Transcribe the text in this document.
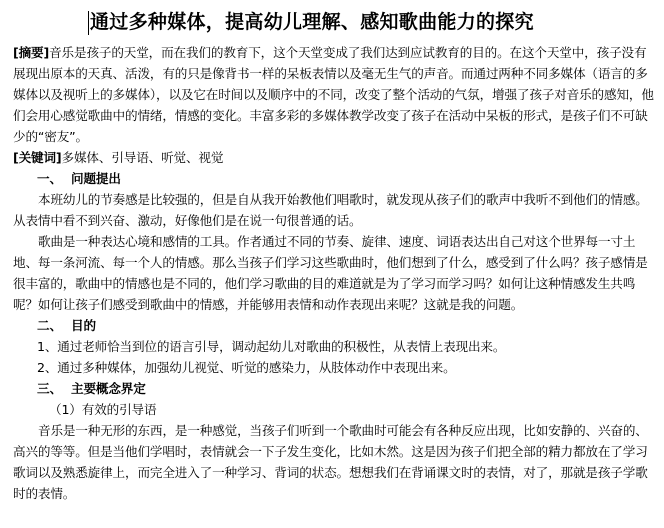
通过多种媒体，提高幼儿理解、感知歌曲能力的探究

[摘要]音乐是孩子的天堂，而在我们的教育下，这个天堂变成了我们达到应试教育的目的。在这个天堂中，孩子没有展现出原本的天真、活泼，有的只是像背书一样的呆板表情以及毫无生气的声音。而通过两种不同多媒体（语言的多媒体以及视听上的多媒体），以及它在时间以及顺序中的不同，改变了整个活动的气氛，增强了孩子对音乐的感知，他们会用心感觉歌曲中的情绪，情感的变化。丰富多彩的多媒体教学改变了孩子在活动中呆板的形式，是孩子们不可缺少的“密友”。

[关键词]多媒体、引导语、听觉、视觉

一、 问题提出

本班幼儿的节奏感是比较强的，但是自从我开始教他们唱歌时，就发现从孩子们的歌声中我听不到他们的情感。从表情中看不到兴奋、激动，好像他们是在说一句很普通的话。

歌曲是一种表达心境和感情的工具。作者通过不同的节奏、旋律、速度、词语表达出自己对这个世界每一寸土地、每一条河流、每一个人的情感。那么当孩子们学习这些歌曲时，他们想到了什么，感受到了什么吗？孩子感情是很丰富的，歌曲中的情感也是不同的，他们学习歌曲的目的难道就是为了学习而学习吗？如何让这种情感发生共鸣呢？如何让孩子们感受到歌曲中的情感，并能够用表情和动作表现出来呢？这就是我的问题。

二、 目的

1、通过老师恰当到位的语言引导，调动起幼儿对歌曲的积极性，从表情上表现出来。

2、通过多种媒体，加强幼儿视觉、听觉的感染力，从肢体动作中表现出来。

三、 主要概念界定

（1）有效的引导语

音乐是一种无形的东西，是一种感觉，当孩子们听到一个歌曲时可能会有各种反应出现，比如安静的、兴奋的、高兴的等等。但是当他们学唱时，表情就会一下子发生变化，比如木然。这是因为孩子们把全部的精力都放在了学习歌词以及熟悉旋律上，而完全进入了一种学习、背词的状态。想想我们在背诵课文时的表情，对了，那就是孩子学歌时的表情。
